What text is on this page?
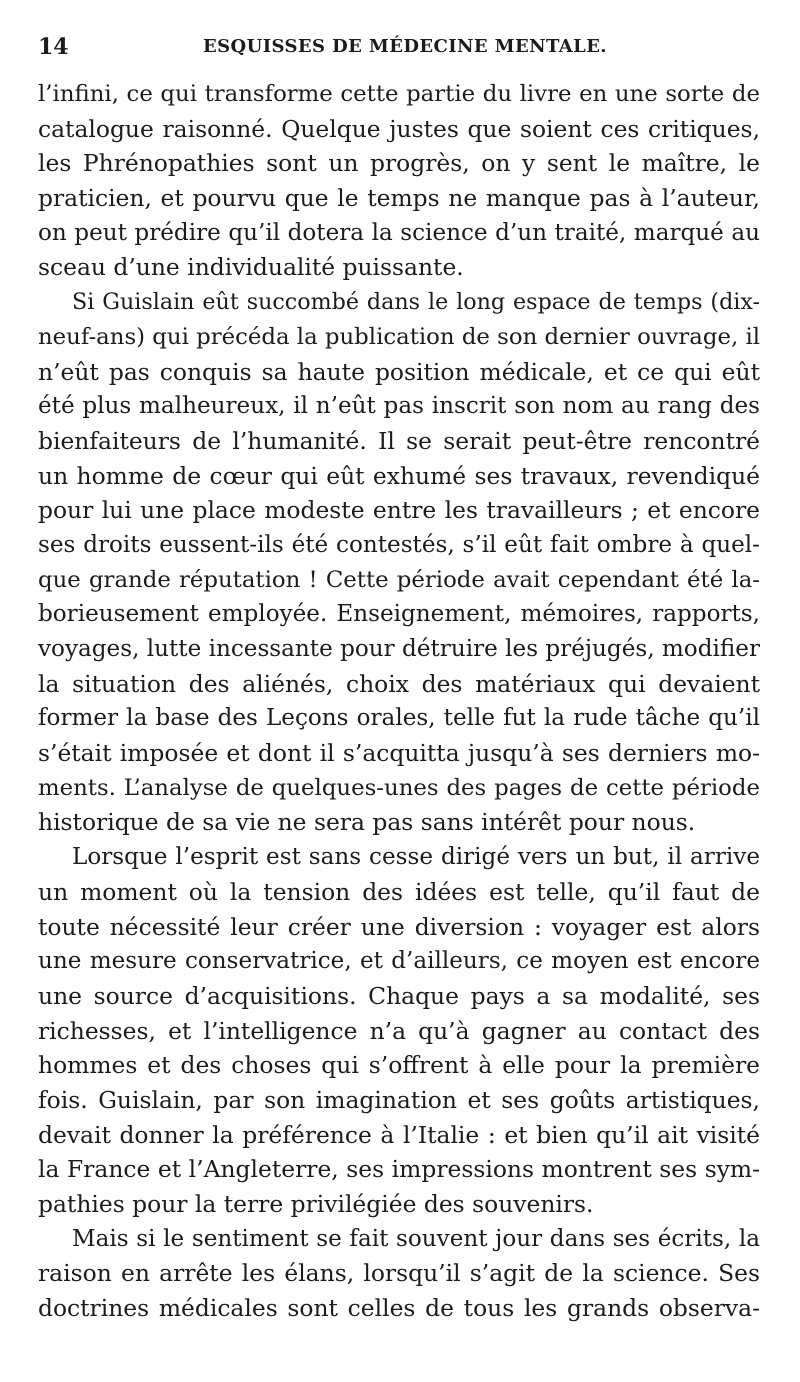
14	ESQUISSES DE MÉDECINE MENTALE.
l’infini, ce qui transforme cette partie du livre en une sorte de
catalogue raisonné. Quelque justes que soient ces critiques,
les Phrénopathies sont un progrès, on y sent le maître, le
praticien, et pourvu que le temps ne manque pas à l’auteur,
on peut prédire qu’il dotera la science d’un traité, marqué au
sceau d’une individualité puissante.
Si Guislain eût succombé dans le long espace de temps (dix-
neuf-ans) qui précéda la publication de son dernier ouvrage, il
n’eût pas conquis sa haute position médicale, et ce qui eût
été plus malheureux, il n’eût pas inscrit son nom au rang des
bienfaiteurs de l’humanité. Il se serait peut-être rencontré
un homme de cœur qui eût exhumé ses travaux, revendiqué
pour lui une place modeste entre les travailleurs ; et encore
ses droits eussent-ils été contestés, s’il eût fait ombre à quel-
que grande réputation ! Cette période avait cependant été la-
borieusement employée. Enseignement, mémoires, rapports,
voyages, lutte incessante pour détruire les préjugés, modifier
la situation des aliénés, choix des matériaux qui devaient
former la base des Leçons orales, telle fut la rude tâche qu’il
s’était imposée et dont il s’acquitta jusqu’à ses derniers mo-
ments. L’analyse de quelques-unes des pages de cette période
historique de sa vie ne sera pas sans intérêt pour nous.
Lorsque l’esprit est sans cesse dirigé vers un but, il arrive
un moment où la tension des idées est telle, qu’il faut de
toute nécessité leur créer une diversion : voyager est alors
une mesure conservatrice, et d’ailleurs, ce moyen est encore
une source d’acquisitions. Chaque pays a sa modalité, ses
richesses, et l’intelligence n’a qu’à gagner au contact des
hommes et des choses qui s’offrent à elle pour la première
fois. Guislain, par son imagination et ses goûts artistiques,
devait donner la préférence à l’Italie : et bien qu’il ait visité
la France et l’Angleterre, ses impressions montrent ses sym-
pathies pour la terre privilégiée des souvenirs.
Mais si le sentiment se fait souvent jour dans ses écrits, la
raison en arrête les élans, lorsqu’il s’agit de la science. Ses
doctrines médicales sont celles de tous les grands observa-
